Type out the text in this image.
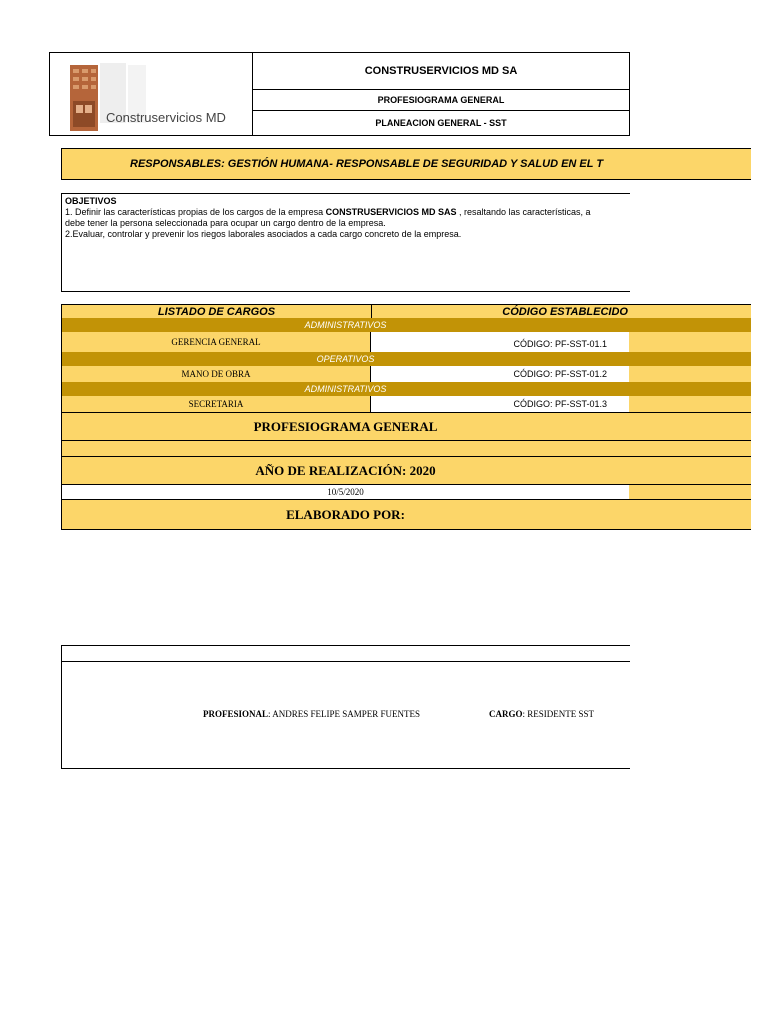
Construservicios MD
CONSTRUSERVICIOS MD SA
PROFESIOGRAMA GENERAL
PLANEACION GENERAL - SST
RESPONSABLES: GESTIÓN HUMANA- RESPONSABLE DE SEGURIDAD Y SALUD EN EL T

OBJETIVOS

1. Definir las características propias de los cargos de la empresa CONSTRUSERVICIOS MD SAS , resaltando las características, a

debe tener la persona seleccionada para ocupar un cargo dentro de la empresa.

2.Evaluar, controlar y prevenir los riegos laborales asociados a cada cargo concreto de la empresa.

LISTADO DE CARGOS	CÓDIGO ESTABLECIDO
ADMINISTRATIVOS
GERENCIA GENERAL	CÓDIGO: PF-SST-01.1
OPERATIVOS
MANO DE OBRA	CÓDIGO: PF-SST-01.2
ADMINISTRATIVOS
SECRETARIA	CÓDIGO: PF-SST-01.3
PROFESIOGRAMA GENERAL
AÑO DE REALIZACIÓN: 2020
10/5/2020
ELABORADO POR:
PROFESIONAL: ANDRES FELIPE SAMPER FUENTES	CARGO: RESIDENTE SST
